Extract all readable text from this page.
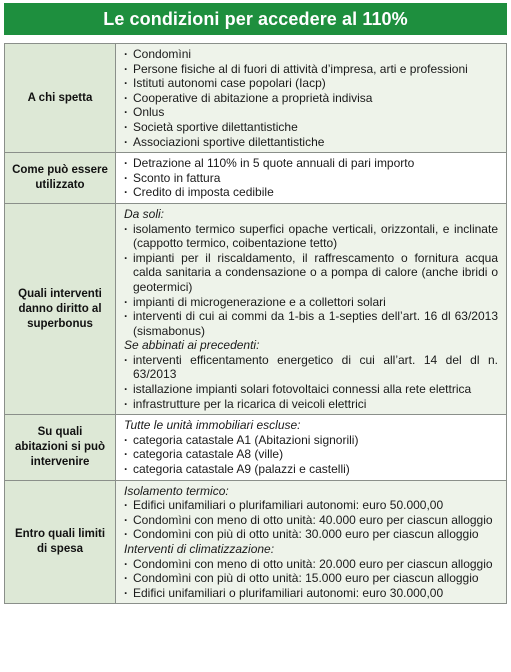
Le condizioni per accedere al 110%
A chi spetta
· Condomìni
· Persone fisiche al di fuori di attività d’impresa, arti e professioni
· Istituti autonomi case popolari (Iacp)
· Cooperative di abitazione a proprietà indivisa
· Onlus
· Società sportive dilettantistiche
· Associazioni sportive dilettantistiche
Come può essere utilizzato
· Detrazione al 110% in 5 quote annuali di pari importo
· Sconto in fattura
· Credito di imposta cedibile
Quali interventi danno diritto al superbonus
Da soli:
· isolamento termico superfici opache verticali, orizzontali, e inclinate (cappotto termico, coibentazione tetto)
· impianti per il riscaldamento, il raffrescamento o fornitura acqua calda sanitaria a condensazione o a pompa di calore (anche ibridi o geotermici)
· impianti di microgenerazione e a collettori solari
· interventi di cui ai commi da 1-bis a 1-septies dell’art. 16 dl 63/2013 (sismabonus)
Se abbinati ai precedenti:
· interventi efficentamento energetico di cui all’art. 14 del dl n. 63/2013
· istallazione impianti solari fotovoltaici connessi alla rete elettrica
· infrastrutture per la ricarica di veicoli elettrici
Su quali abitazioni si può intervenire
Tutte le unità immobiliari escluse:
· categoria catastale A1 (Abitazioni signorili)
· categoria catastale A8 (ville)
· categoria catastale A9 (palazzi e castelli)
Entro quali limiti di spesa
Isolamento termico:
· Edifici unifamiliari o plurifamiliari autonomi: euro 50.000,00
· Condomìni con meno di otto unità: 40.000 euro per ciascun alloggio
· Condomìni con più di otto unità: 30.000 euro per ciascun alloggio
Interventi di climatizzazione:
· Condomìni con meno di otto unità: 20.000 euro per ciascun alloggio
· Condomìni con più di otto unità: 15.000 euro per ciascun alloggio
· Edifici unifamiliari o plurifamiliari autonomi: euro 30.000,00
